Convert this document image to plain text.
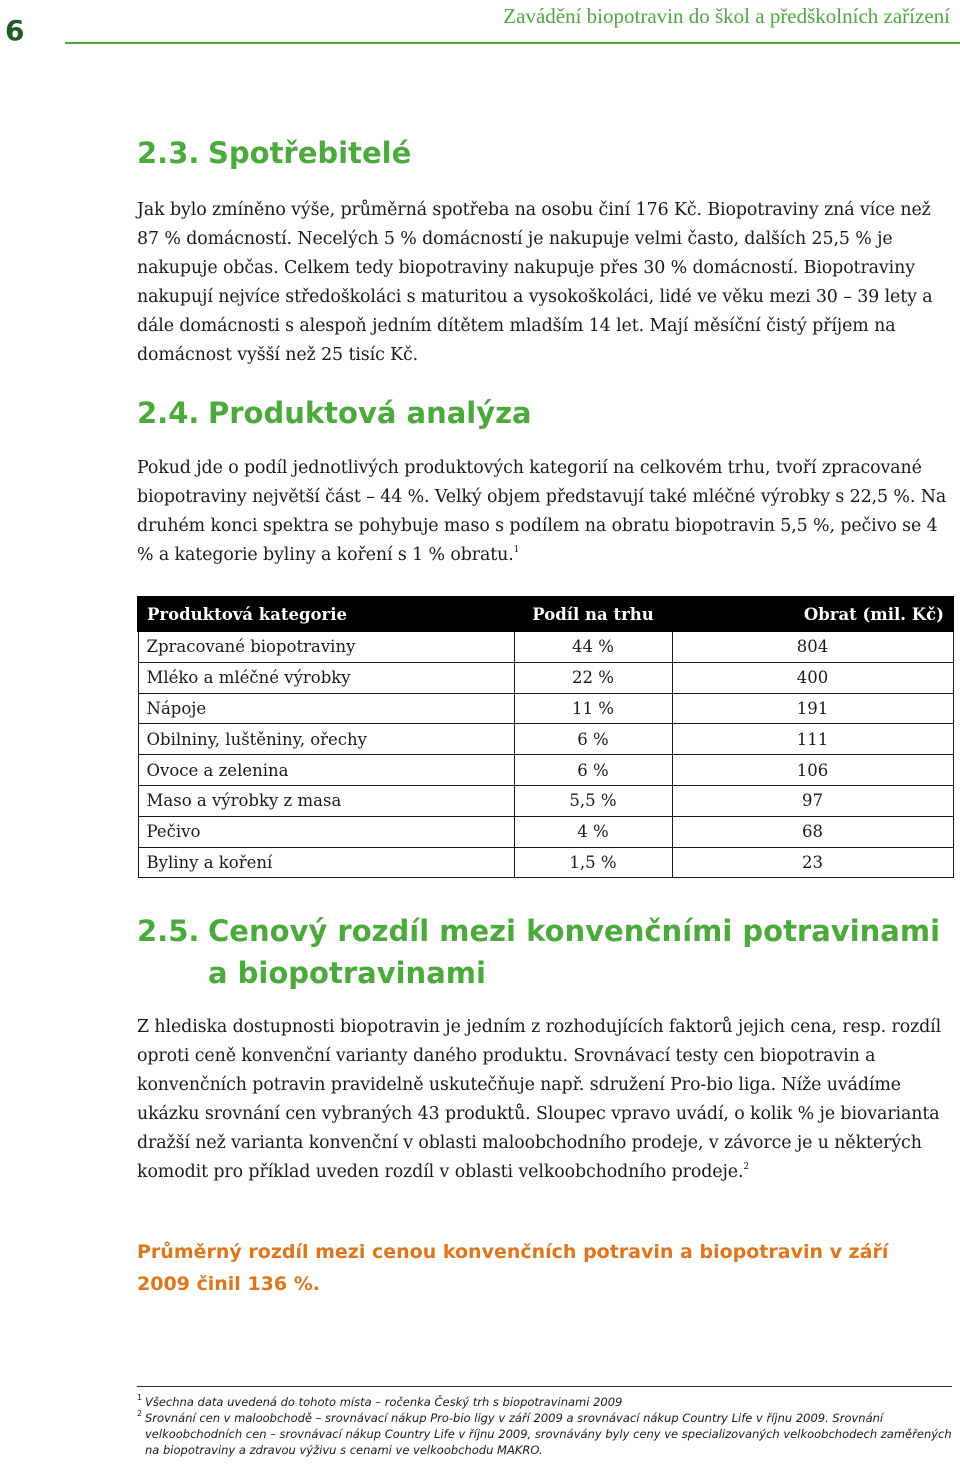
6	Zavádění biopotravin do škol a předškolních zařízení
2.3. Spotřebitelé

Jak bylo zmíněno výše, průměrná spotřeba na osobu činí 176 Kč. Biopotraviny zná více než 87 % domácností. Necelých 5 % domácností je nakupuje velmi často, dalších 25,5 % je nakupuje občas. Celkem tedy biopotraviny nakupuje přes 30 % domácností. Biopotraviny nakupují nejvíce středoškoláci s maturitou a vysokoškoláci, lidé ve věku mezi 30 – 39 lety a dále domácnosti s alespoň jedním dítětem mladším 14 let. Mají měsíční čistý příjem na domácnost vyšší než 25 tisíc Kč.

2.4. Produktová analýza

Pokud jde o podíl jednotlivých produktových kategorií na celkovém trhu, tvoří zpracované biopotraviny největší část – 44 %. Velký objem představují také mléčné výrobky s 22,5 %. Na druhém konci spektra se pohybuje maso s podílem na obratu biopotravin 5,5 %, pečivo se 4 % a kategorie byliny a koření s 1 % obratu.$^1$

Produktová kategorie	Podíl na trhu	Obrat (mil. Kč)
Zpracované biopotraviny	44 %	804
Mléko a mléčné výrobky	22 %	400
Nápoje	11 %	191
Obilniny, luštěniny, ořechy	6 %	111
Ovoce a zelenina	6 %	106
Maso a výrobky z masa	5,5 %	97
Pečivo	4 %	68
Byliny a koření	1,5 %	23
2.5. Cenový rozdíl mezi konvenčními potravinami
a biopotravinami

Z hlediska dostupnosti biopotravin je jedním z rozhodujících faktorů jejich cena, resp. rozdíl oproti ceně konvenční varianty daného produktu. Srovnávací testy cen biopotravin a konvenčních potravin pravidelně uskutečňuje např. sdružení Pro-bio liga. Níže uvádíme ukázku srovnání cen vybraných 43 produktů. Sloupec vpravo uvádí, o kolik % je biovarianta dražší než varianta konvenční v oblasti maloobchodního prodeje, v závorce je u některých komodit pro příklad uveden rozdíl v oblasti velkoobchodního prodeje.$^2$

Průměrný rozdíl mezi cenou konvenčních potravin a biopotravin v září 2009 činil 136 %.

1 Všechna data uvedená do tohoto místa – ročenka Český trh s biopotravinami 2009

2 Srovnání cen v maloobchodě – srovnávací nákup Pro-bio ligy v září 2009 a srovnávací nákup Country Life v říjnu 2009. Srovnání velkoobchodních cen – srovnávací nákup Country Life v říjnu 2009, srovnávány byly ceny ve specializovaných velkoobchodech zaměřených na biopotraviny a zdravou výživu s cenami ve velkoobchodu MAKRO.
